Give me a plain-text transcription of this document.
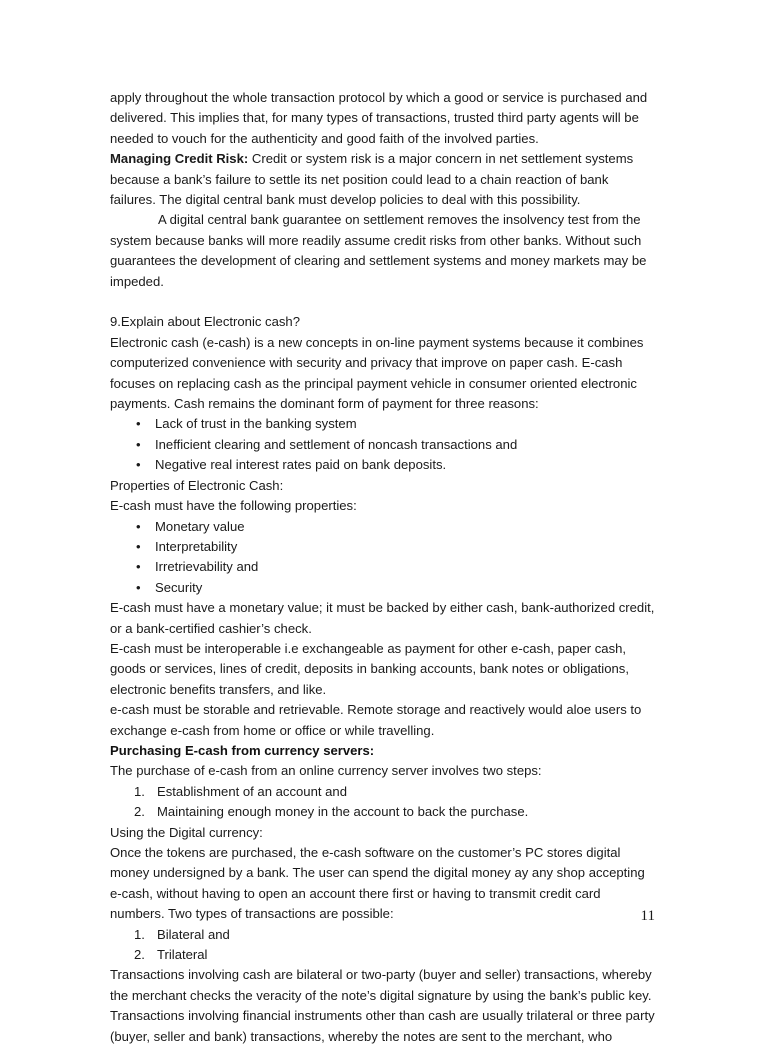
apply throughout the whole transaction protocol by which a good or service is purchased and delivered. This implies that, for many types of transactions, trusted third party agents will be needed to vouch for the authenticity and good faith of the involved parties.

Managing Credit Risk: Credit or system risk is a major concern in net settlement systems because a bank’s failure to settle its net position could lead to a chain reaction of bank failures. The digital central bank must develop policies to deal with this possibility.

A digital central bank guarantee on settlement removes the insolvency test from the system because banks will more readily assume credit risks from other banks. Without such guarantees the development of clearing and settlement systems and money markets may be impeded.

9.Explain about Electronic cash?

Electronic cash (e-cash) is a new concepts in on-line payment systems because it combines computerized convenience with security and privacy that improve on paper cash. E-cash focuses on replacing cash as the principal payment vehicle in consumer oriented electronic payments. Cash remains the dominant form of payment for three reasons:

• Lack of trust in the banking system
• Inefficient clearing and settlement of noncash transactions and
• Negative real interest rates paid on bank deposits.

Properties of Electronic Cash:

E-cash must have the following properties:

• Monetary value
• Interpretability
• Irretrievability and
• Security

E-cash must have a monetary value; it must be backed by either cash, bank-authorized credit, or a bank-certified cashier’s check.

E-cash must be interoperable i.e exchangeable as payment for other e-cash, paper cash, goods or services, lines of credit, deposits in banking accounts, bank notes or obligations, electronic benefits transfers, and like.

e-cash must be storable and retrievable. Remote storage and reactively would aloe users to exchange e-cash from home or office or while travelling.

Purchasing E-cash from currency servers:

The purchase of e-cash from an online currency server involves two steps:

1. Establishment of an account and
2. Maintaining enough money in the account to back the purchase.

Using the Digital currency:

Once the tokens are purchased, the e-cash software on the customer’s PC stores digital money undersigned by a bank. The user can spend the digital money ay any shop accepting e-cash, without having to open an account there first or having to transmit credit card numbers. Two types of transactions are possible:

1. Bilateral and
2. Trilateral

Transactions involving cash are bilateral or two-party (buyer and seller) transactions, whereby the merchant checks the veracity of the note’s digital signature by using the bank’s public key. Transactions involving financial instruments other than cash are usually trilateral or three party (buyer, seller and bank) transactions, whereby the notes are sent to the merchant, who

11
